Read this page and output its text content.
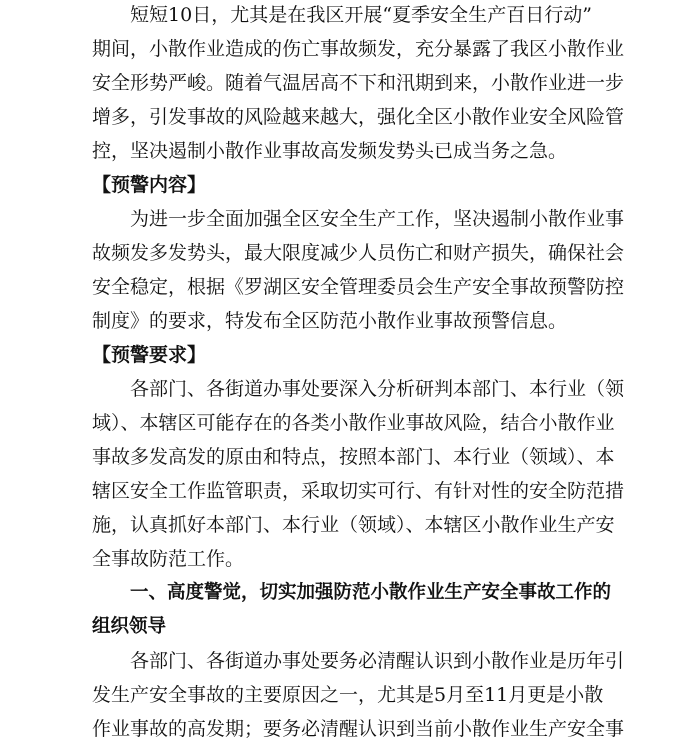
短短10日，尤其是在我区开展“夏季安全生产百日行动”
期间，小散作业造成的伤亡事故频发，充分暴露了我区小散作业
安全形势严峻。随着气温居高不下和汛期到来，小散作业进一步
增多，引发事故的风险越来越大，强化全区小散作业安全风险管
控，坚决遏制小散作业事故高发频发势头已成当务之急。
【预警内容】
为进一步全面加强全区安全生产工作，坚决遏制小散作业事
故频发多发势头，最大限度减少人员伤亡和财产损失，确保社会
安全稳定，根据《罗湖区安全管理委员会生产安全事故预警防控
制度》的要求，特发布全区防范小散作业事故预警信息。
【预警要求】
各部门、各街道办事处要深入分析研判本部门、本行业（领
域）、本辖区可能存在的各类小散作业事故风险，结合小散作业
事故多发高发的原由和特点，按照本部门、本行业（领域）、本
辖区安全工作监管职责，采取切实可行、有针对性的安全防范措
施，认真抓好本部门、本行业（领域）、本辖区小散作业生产安
全事故防范工作。
一、高度警觉，切实加强防范小散作业生产安全事故工作的
组织领导
各部门、各街道办事处要务必清醒认识到小散作业是历年引
发生产安全事故的主要原因之一，尤其是5月至11月更是小散
作业事故的高发期；要务必清醒认识到当前小散作业生产安全事
